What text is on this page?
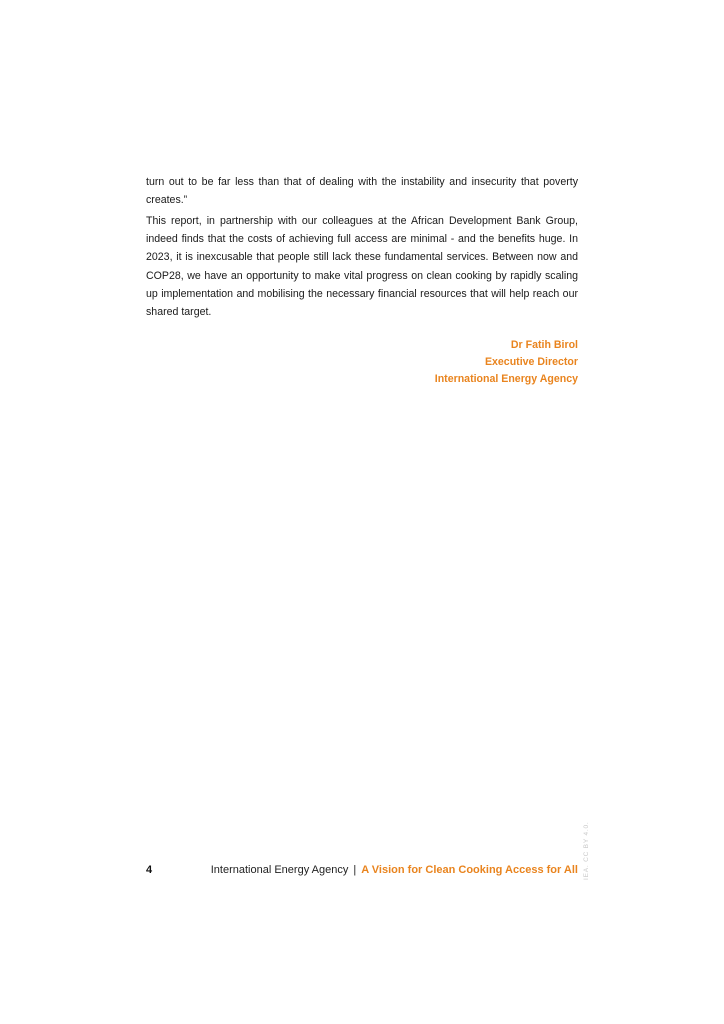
turn out to be far less than that of dealing with the instability and insecurity that poverty creates.”

This report, in partnership with our colleagues at the African Development Bank Group, indeed finds that the costs of achieving full access are minimal - and the benefits huge. In 2023, it is inexcusable that people still lack these fundamental services. Between now and COP28, we have an opportunity to make vital progress on clean cooking by rapidly scaling up implementation and mobilising the necessary financial resources that will help reach our shared target.

Dr Fatih Birol
Executive Director
International Energy Agency
4	International Energy Agency | A Vision for Clean Cooking Access for All IEA. CC BY 4.0.
